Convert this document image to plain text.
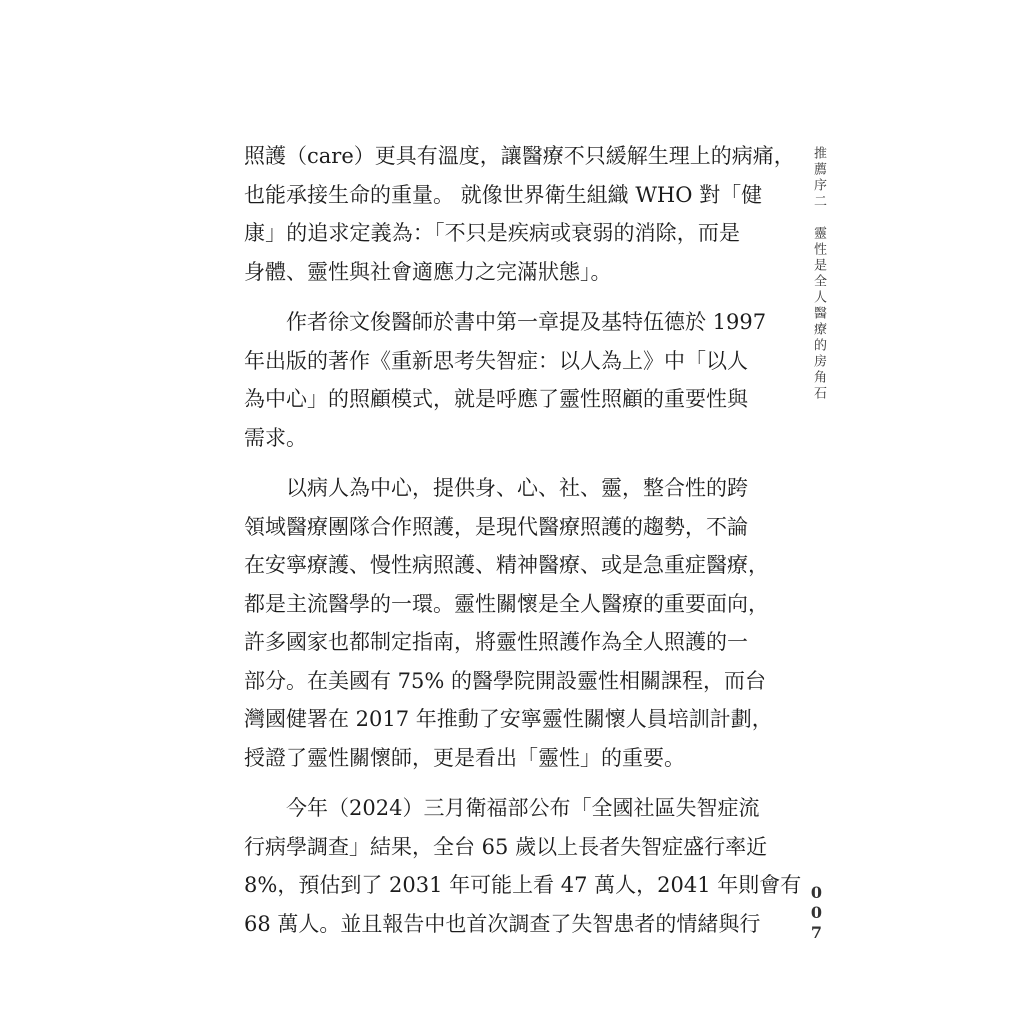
照護（care）更具有溫度，讓醫療不只緩解生理上的病痛，
也能承接生命的重量。 就像世界衛生組織 WHO 對「健
康」的追求定義為：「不只是疾病或衰弱的消除，而是
身體、靈性與社會適應力之完滿狀態」。
作者徐文俊醫師於書中第一章提及基特伍德於 1997
年出版的著作《重新思考失智症：以人為上》中「以人
為中心」的照顧模式，就是呼應了靈性照顧的重要性與
需求。
以病人為中心，提供身、心、社、靈，整合性的跨
領域醫療團隊合作照護，是現代醫療照護的趨勢，不論
在安寧療護、慢性病照護、精神醫療、或是急重症醫療，
都是主流醫學的一環。靈性關懷是全人醫療的重要面向，
許多國家也都制定指南，將靈性照護作為全人照護的一
部分。在美國有 75% 的醫學院開設靈性相關課程，而台
灣國健署在 2017 年推動了安寧靈性關懷人員培訓計劃，
授證了靈性關懷師，更是看出「靈性」的重要。
今年（2024）三月衛福部公布「全國社區失智症流
行病學調查」結果，全台 65 歲以上長者失智症盛行率近
8%，預估到了 2031 年可能上看 47 萬人，2041 年則會有
68 萬人。並且報告中也首次調查了失智患者的情緒與行
推薦序二　靈性是全人醫療的房角石
007
